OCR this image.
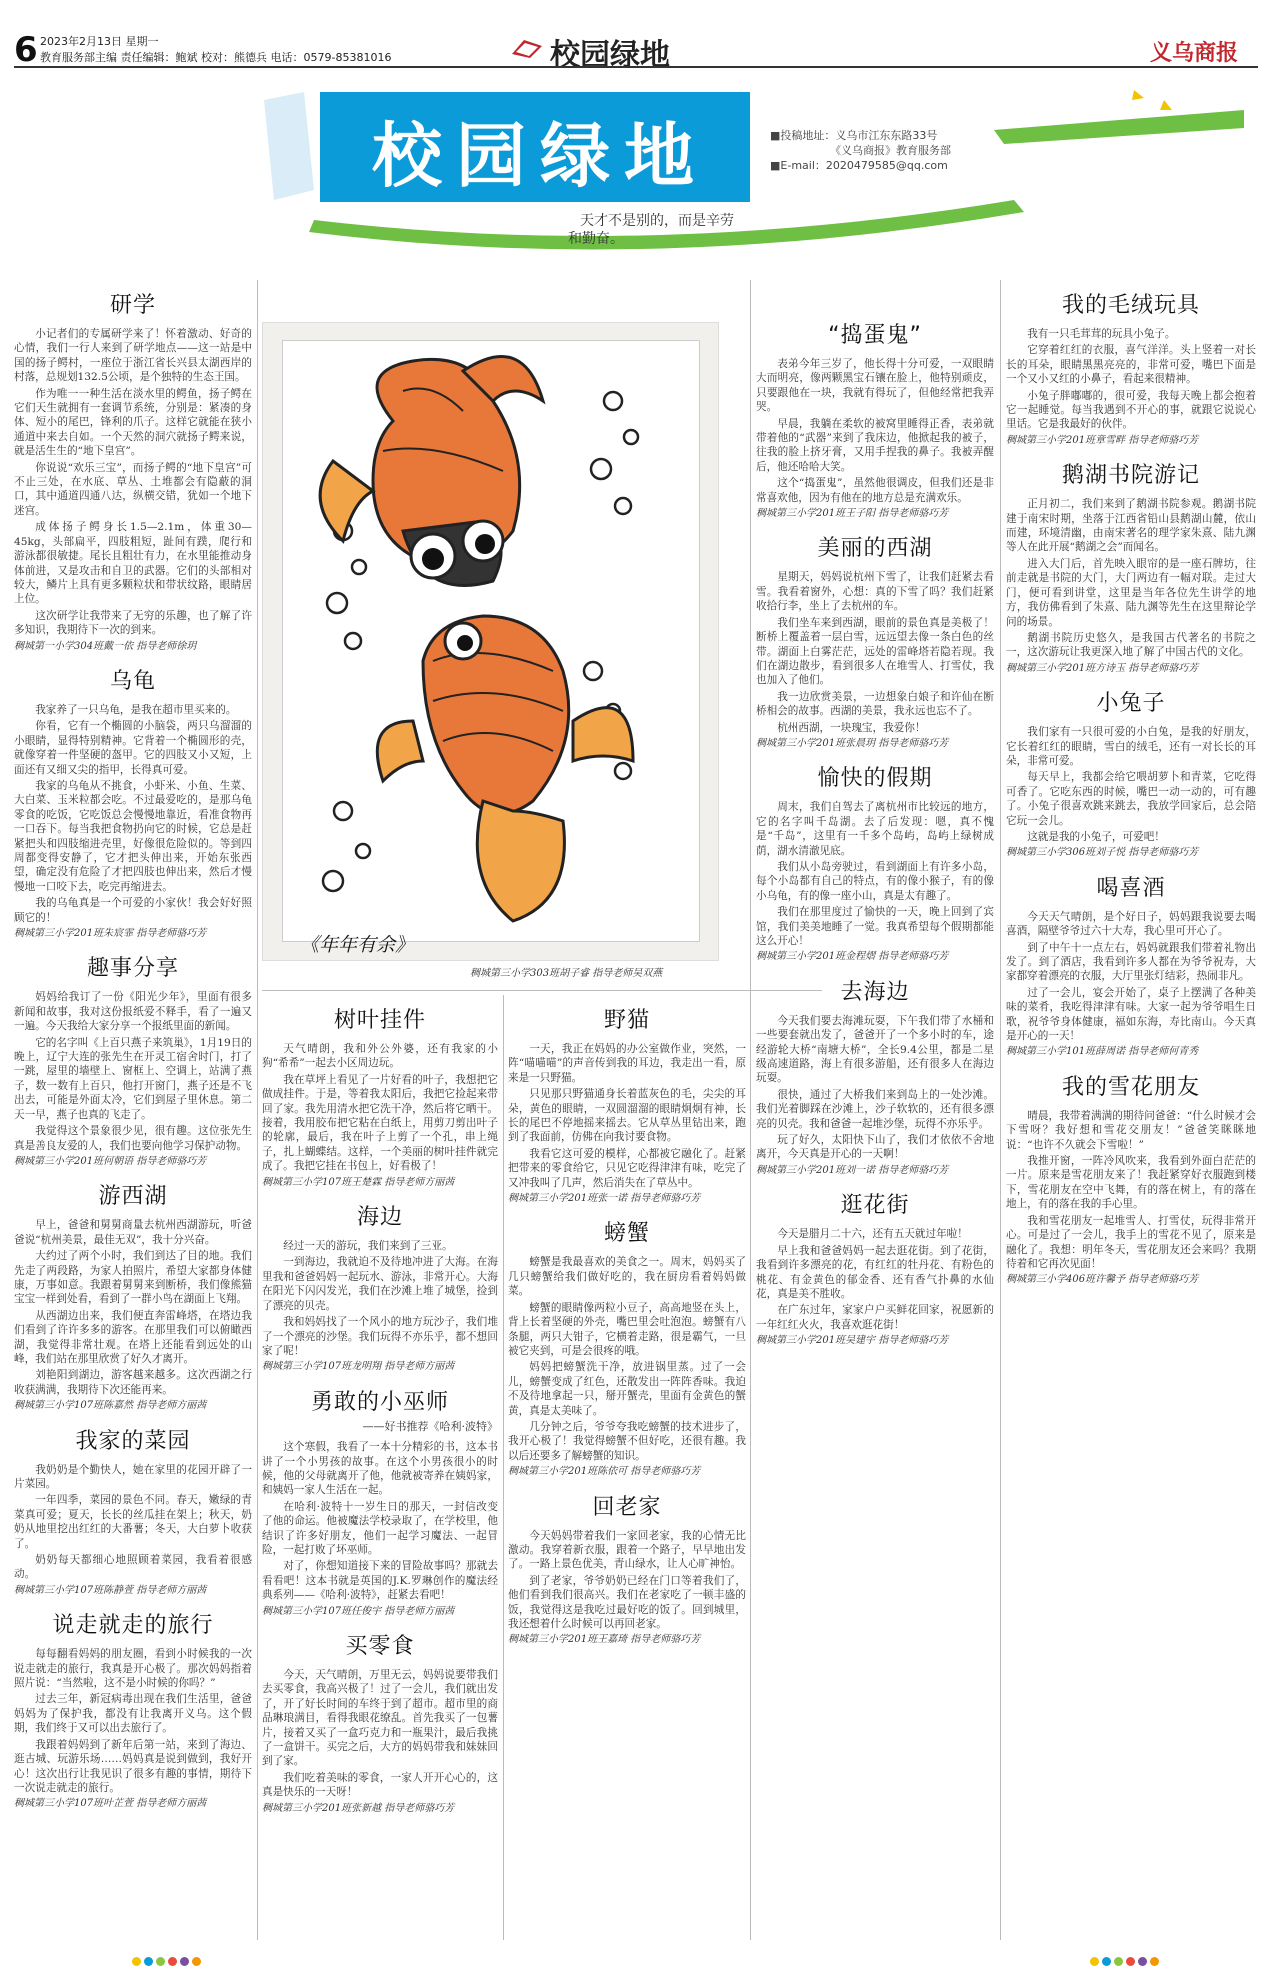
6 2023年2月13日 星期一
教育服务部主编 责任编辑：鲍斌 校对：熊德兵 电话：0579-85381016	校园绿地	义乌商报
校园绿地	■投稿地址：义乌市江东东路33号
《义乌商报》教育服务部
■E-mail：2020479585@qq.com
天才不是别的，而是辛劳
和勤奋。
研学

小记者们的专属研学来了！怀着激动、好奇的心情，我们一行人来到了研学地点——这一站是中国的扬子鳄村，一座位于浙江省长兴县太湖西岸的村落，总规划132.5公顷，是个独特的生态王国。

作为唯一一种生活在淡水里的鳄鱼，扬子鳄在它们天生就拥有一套调节系统，分别是：紧凑的身体、短小的尾巴，锋利的爪子。这样它就能在狭小通道中来去自如。一个天然的洞穴就扬子鳄来说，就是活生生的“地下皇宫”。

你说说“欢乐三宝”，而扬子鳄的“地下皇宫”可不止三处，在水底、草丛、土堆都会有隐蔽的洞口，其中通道四通八达，纵横交错，犹如一个地下迷宫。

成体扬子鳄身长1.5—2.1m，体重30—45kg，头部扁平，四肢粗短，趾间有蹼，爬行和游泳都很敏捷。尾长且粗壮有力，在水里能推动身体前进，又是攻击和自卫的武器。它们的头部相对较大，鳞片上具有更多颗粒状和带状纹路，眼睛居上位。

这次研学让我带来了无穷的乐趣，也了解了许多知识，我期待下一次的到来。

稠城第一小学304班戴一依 指导老师徐玥

乌龟

我家养了一只乌龟，是我在超市里买来的。

你看，它有一个椭圆的小脑袋，两只乌溜溜的小眼睛，显得特别精神。它背着一个椭圆形的壳，就像穿着一件坚硬的盔甲。它的四肢又小又短，上面还有又细又尖的指甲，长得真可爱。

我家的乌龟从不挑食，小虾米、小鱼、生菜、大白菜、玉米粒都会吃。不过最爱吃的，是那乌龟零食的吃饭，它吃饭总会慢慢地靠近，看准食物再一口吞下。每当我把食物扔向它的时候，它总是赶紧把头和四肢缩进壳里，好像很危险似的。等到四周都变得安静了，它才把头伸出来，开始东张西望，确定没有危险了才把四肢也伸出来，然后才慢慢地一口咬下去，吃完再缩进去。

我的乌龟真是一个可爱的小家伙！我会好好照顾它的！

稠城第三小学201班朱宸霏 指导老师骆巧芳

趣事分享

妈妈给我订了一份《阳光少年》，里面有很多新闻和故事，我对这份报纸爱不释手，看了一遍又一遍。今天我给大家分享一个报纸里面的新闻。

它的名字叫《上百只燕子来筑巢》，1月19日的晚上，辽宁大连的张先生在开灵工宿舍时门，打了一跳，屋里的墙壁上、窗框上、空调上，站满了燕子，数一数有上百只，他打开窗门，燕子还是不飞出去，可能是外面太冷，它们到屋子里休息。第二天一早，燕子也真的飞走了。

我觉得这个景象很少见，很有趣。这位张先生真是善良友爱的人，我们也要向他学习保护动物。

稠城第三小学201班何朝语 指导老师骆巧芳

游西湖

早上，爸爸和舅舅商量去杭州西湖游玩，听爸爸说“杭州美景，最佳无双”，我十分兴奋。

大约过了两个小时，我们到达了目的地。我们先走了两段路，为家人拍照片，希望大家都身体健康，万事如意。我跟着舅舅来到断桥，我们像熊猫宝宝一样到处看，看到了一群小鸟在湖面上飞翔。

从西湖边出来，我们便直奔雷峰塔，在塔边我们看到了许许多多的游客。在那里我们可以俯瞰西湖，我觉得非常壮观。在塔上还能看到远处的山峰，我们站在那里欣赏了好久才离开。

刘艳阳到湖边，游客越来越多。这次西湖之行收获满满，我期待下次还能再来。

稠城第三小学107班陈嘉然 指导老师方丽茜

我家的菜园

我奶奶是个勤快人，她在家里的花园开辟了一片菜园。

一年四季，菜园的景色不同。春天，嫩绿的青菜真可爱；夏天，长长的丝瓜挂在架上；秋天，奶奶从地里挖出红红的大番薯；冬天，大白萝卜收获了。

奶奶每天都细心地照顾着菜园，我看着很感动。

稠城第三小学107班陈静萱 指导老师方丽茜

说走就走的旅行

每每翻看妈妈的朋友圈，看到小时候我的一次说走就走的旅行，我真是开心极了。那次妈妈指着照片说：“当然啦，这不是小时候的你吗？”

过去三年，新冠病毒出现在我们生活里，爸爸妈妈为了保护我，都没有让我离开义乌。这个假期，我们终于又可以出去旅行了。

我跟着妈妈到了新年后第一站，来到了海边、逛古城、玩游乐场……妈妈真是说到做到，我好开心！这次出行让我见识了很多有趣的事情，期待下一次说走就走的旅行。

稠城第三小学107班叶芷萱 指导老师方丽茜

《年年有余》
稠城第三小学303班胡子睿 指导老师吴双燕
树叶挂件

天气晴朗，我和外公外婆，还有我家的小狗“希希”一起去小区周边玩。

我在草坪上看见了一片好看的叶子，我想把它做成挂件。于是，等着我太阳后，我把它捡起来带回了家。我先用清水把它洗干净，然后将它晒干。接着，我用胶布把它粘在白纸上，用剪刀剪出叶子的轮廓，最后，我在叶子上剪了一个孔，串上绳子，扎上蝴蝶结。这样，一个美丽的树叶挂件就完成了。我把它挂在书包上，好看极了！

稠城第三小学107班王楚霖 指导老师方丽茜

海边

经过一天的游玩，我们来到了三亚。

一到海边，我就迫不及待地冲进了大海。在海里我和爸爸妈妈一起玩水、游泳，非常开心。大海在阳光下闪闪发光，我们在沙滩上堆了城堡，捡到了漂亮的贝壳。

我和妈妈找了一个风小的地方玩沙子，我们堆了一个漂亮的沙堡。我们玩得不亦乐乎，都不想回家了呢！

稠城第三小学107班龙明翔 指导老师方丽茜

勇敢的小巫师

——好书推荐《哈利·波特》

这个寒假，我看了一本十分精彩的书，这本书讲了一个小男孩的故事。在这个小男孩很小的时候，他的父母就离开了他，他就被寄养在姨妈家，和姨妈一家人生活在一起。

在哈利·波特十一岁生日的那天，一封信改变了他的命运。他被魔法学校录取了，在学校里，他结识了许多好朋友，他们一起学习魔法、一起冒险，一起打败了坏巫师。

对了，你想知道接下来的冒险故事吗？那就去看看吧！这本书就是英国的J.K.罗琳创作的魔法经典系列——《哈利·波特》，赶紧去看吧！

稠城第三小学107班任俊宇 指导老师方丽茜

买零食

今天，天气晴朗，万里无云，妈妈说要带我们去买零食，我高兴极了！过了一会儿，我们就出发了，开了好长时间的车终于到了超市。超市里的商品琳琅满目，看得我眼花缭乱。首先我买了一包薯片，接着又买了一盒巧克力和一瓶果汁，最后我挑了一盒饼干。买完之后，大方的妈妈带我和妹妹回到了家。

我们吃着美味的零食，一家人开开心心的，这真是快乐的一天呀！

稠城第三小学201班张新越 指导老师骆巧芳

野猫

一天，我正在妈妈的办公室做作业，突然，一阵“喵喵喵”的声音传到我的耳边，我走出一看，原来是一只野猫。

只见那只野猫通身长着蓝灰色的毛，尖尖的耳朵，黄色的眼睛，一双圆溜溜的眼睛炯炯有神，长长的尾巴不停地摇来摇去。它从草丛里钻出来，跑到了我面前，仿佛在向我讨要食物。

我看它这可爱的模样，心都被它融化了。赶紧把带来的零食给它，只见它吃得津津有味，吃完了又冲我叫了几声，然后消失在了草丛中。

稠城第三小学201班张一诺 指导老师骆巧芳

螃蟹

螃蟹是我最喜欢的美食之一。周末，妈妈买了几只螃蟹给我们做好吃的，我在厨房看着妈妈做菜。

螃蟹的眼睛像两粒小豆子，高高地竖在头上，背上长着坚硬的外壳，嘴巴里会吐泡泡。螃蟹有八条腿，两只大钳子，它横着走路，很是霸气，一旦被它夹到，可是会很疼的哦。

妈妈把螃蟹洗干净，放进锅里蒸。过了一会儿，螃蟹变成了红色，还散发出一阵阵香味。我迫不及待地拿起一只，掰开蟹壳，里面有金黄色的蟹黄，真是太美味了。

几分钟之后，爷爷夸我吃螃蟹的技术进步了，我开心极了！我觉得螃蟹不但好吃，还很有趣。我以后还要多了解螃蟹的知识。

稠城第三小学201班陈依可 指导老师骆巧芳

回老家

今天妈妈带着我们一家回老家，我的心情无比激动。我穿着新衣服，跟着一个路子，早早地出发了。一路上景色优美，青山绿水，让人心旷神怡。

到了老家，爷爷奶奶已经在门口等着我们了，他们看到我们很高兴。我们在老家吃了一顿丰盛的饭，我觉得这是我吃过最好吃的饭了。回到城里，我还想着什么时候可以再回老家。

稠城第三小学201班王嘉琦 指导老师骆巧芳

“捣蛋鬼”

表弟今年三岁了，他长得十分可爱，一双眼睛大而明亮，像两颗黑宝石镶在脸上，他特别顽皮，只要跟他在一块，我就有得玩了，但他经常把我弄哭。

早晨，我躺在柔软的被窝里睡得正香，表弟就带着他的“武器”来到了我床边，他掀起我的被子，往我的脸上挤牙膏，又用手捏我的鼻子。我被弄醒后，他还哈哈大笑。

这个“捣蛋鬼”，虽然他很调皮，但我们还是非常喜欢他，因为有他在的地方总是充满欢乐。

稠城第三小学201班王子阳 指导老师骆巧芳

美丽的西湖

星期天，妈妈说杭州下雪了，让我们赶紧去看雪。我看着窗外，心想：真的下雪了吗？我们赶紧收拾行李，坐上了去杭州的车。

我们坐车来到西湖，眼前的景色真是美极了！断桥上覆盖着一层白雪，远远望去像一条白色的丝带。湖面上白雾茫茫，远处的雷峰塔若隐若现。我们在湖边散步，看到很多人在堆雪人、打雪仗，我也加入了他们。

我一边欣赏美景，一边想象白娘子和许仙在断桥相会的故事。西湖的美景，我永远也忘不了。

杭州西湖，一块瑰宝，我爱你！

稠城第三小学201班张晨玥 指导老师骆巧芳

愉快的假期

周末，我们自驾去了离杭州市比较远的地方，它的名字叫千岛湖。去了后发现：嗯，真不愧是“千岛”，这里有一千多个岛屿，岛屿上绿树成荫，湖水清澈见底。

我们从小岛旁驶过，看到湖面上有许多小岛，每个小岛都有自己的特点，有的像小猴子，有的像小乌龟，有的像一座小山，真是太有趣了。

我们在那里度过了愉快的一天，晚上回到了宾馆，我们美美地睡了一觉。我真希望每个假期都能这么开心！

稠城第三小学201班金程熠 指导老师骆巧芳

去海边

今天我们要去海滩玩耍，下午我们带了水桶和一些要套就出发了，爸爸开了一个多小时的车，途经游轮大桥“南塘大桥”，全长9.4公里，都是二星级高速道路，海上有很多游船，还有很多人在海边玩耍。

很快，通过了大桥我们来到岛上的一处沙滩。我们光着脚踩在沙滩上，沙子软软的，还有很多漂亮的贝壳。我和爸爸一起堆沙堡，玩得不亦乐乎。

玩了好久，太阳快下山了，我们才依依不舍地离开，今天真是开心的一天啊！

稠城第三小学201班刘一诺 指导老师骆巧芳

逛花街

今天是腊月二十六，还有五天就过年啦！

早上我和爸爸妈妈一起去逛花街。到了花街，我看到许多漂亮的花，有红红的牡丹花、有粉色的桃花、有金黄色的郁金香、还有香气扑鼻的水仙花，真是美不胜收。

在广东过年，家家户户买鲜花回家，祝愿新的一年红红火火，我喜欢逛花街！

稠城第三小学201班吴建宇 指导老师骆巧芳

我的毛绒玩具

我有一只毛茸茸的玩具小兔子。

它穿着红红的衣服，喜气洋洋。头上竖着一对长长的耳朵，眼睛黑黑亮亮的，非常可爱，嘴巴下面是一个又小又红的小鼻子，看起来很精神。

小兔子胖嘟嘟的，很可爱，我每天晚上都会抱着它一起睡觉。每当我遇到不开心的事，就跟它说说心里话。它是我最好的伙伴。

稠城第三小学201班章雪畔 指导老师骆巧芳

鹅湖书院游记

正月初二，我们来到了鹅湖书院参观。鹅湖书院建于南宋时期，坐落于江西省铅山县鹅湖山麓，依山而建，环境清幽，由南宋著名的理学家朱熹、陆九渊等人在此开展“鹅湖之会”而闻名。

进入大门后，首先映入眼帘的是一座石牌坊，往前走就是书院的大门，大门两边有一幅对联。走过大门，便可看到讲堂，这里是当年各位先生讲学的地方，我仿佛看到了朱熹、陆九渊等先生在这里辩论学问的场景。

鹅湖书院历史悠久，是我国古代著名的书院之一，这次游玩让我更深入地了解了中国古代的文化。

稠城第三小学201班方诗玉 指导老师骆巧芳

小兔子

我们家有一只很可爱的小白兔，是我的好朋友，它长着红红的眼睛，雪白的绒毛，还有一对长长的耳朵，非常可爱。

每天早上，我都会给它喂胡萝卜和青菜，它吃得可香了。它吃东西的时候，嘴巴一动一动的，可有趣了。小兔子很喜欢跳来跳去，我放学回家后，总会陪它玩一会儿。

这就是我的小兔子，可爱吧！

稠城第三小学306班刘子悦 指导老师骆巧芳

喝喜酒

今天天气晴朗，是个好日子，妈妈跟我说要去喝喜酒，隔壁爷爷过六十大寿，我心里可开心了。

到了中午十一点左右，妈妈就跟我们带着礼物出发了。到了酒店，我看到许多人都在为爷爷祝寿，大家都穿着漂亮的衣服，大厅里张灯结彩，热闹非凡。

过了一会儿，宴会开始了，桌子上摆满了各种美味的菜肴，我吃得津津有味。大家一起为爷爷唱生日歌，祝爷爷身体健康，福如东海，寿比南山。今天真是开心的一天！

稠城第三小学101班薛周诺 指导老师何青秀

我的雪花朋友

晴晨，我带着满满的期待问爸爸：“什么时候才会下雪呀？我好想和雪花交朋友！”爸爸笑眯眯地说：“也许不久就会下雪啦！”

我推开窗，一阵冷风吹来，我看到外面白茫茫的一片。原来是雪花朋友来了！我赶紧穿好衣服跑到楼下，雪花朋友在空中飞舞，有的落在树上，有的落在地上，有的落在我的手心里。

我和雪花朋友一起堆雪人、打雪仗，玩得非常开心。可是过了一会儿，我手上的雪花不见了，原来是融化了。我想：明年冬天，雪花朋友还会来吗？我期待着和它再次见面！

稠城第三小学406班许馨予 指导老师骆巧芳
